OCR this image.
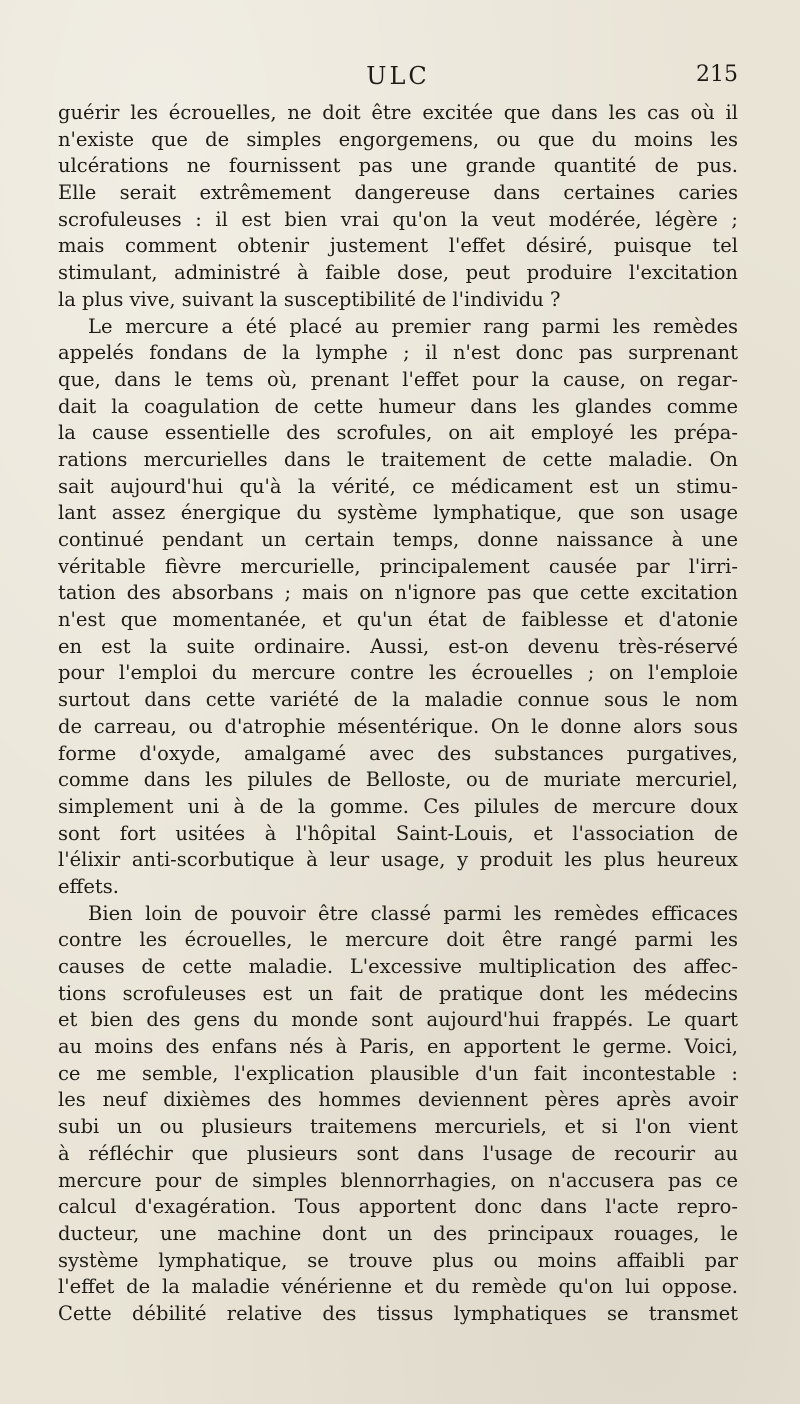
ULC	215
guérir les écrouelles, ne doit être excitée que dans les cas où il
n'existe que de simples engorgemens, ou que du moins les
ulcérations ne fournissent pas une grande quantité de pus.
Elle serait extrêmement dangereuse dans certaines caries
scrofuleuses : il est bien vrai qu'on la veut modérée, légère ;
mais comment obtenir justement l'effet désiré, puisque tel
stimulant, administré à faible dose, peut produire l'excitation
la plus vive, suivant la susceptibilité de l'individu ?
Le mercure a été placé au premier rang parmi les remèdes
appelés fondans de la lymphe ; il n'est donc pas surprenant
que, dans le tems où, prenant l'effet pour la cause, on regar-
dait la coagulation de cette humeur dans les glandes comme
la cause essentielle des scrofules, on ait employé les prépa-
rations mercurielles dans le traitement de cette maladie. On
sait aujourd'hui qu'à la vérité, ce médicament est un stimu-
lant assez énergique du système lymphatique, que son usage
continué pendant un certain temps, donne naissance à une
véritable fièvre mercurielle, principalement causée par l'irri-
tation des absorbans ; mais on n'ignore pas que cette excitation
n'est que momentanée, et qu'un état de faiblesse et d'atonie
en est la suite ordinaire. Aussi, est-on devenu très-réservé
pour l'emploi du mercure contre les écrouelles ; on l'emploie
surtout dans cette variété de la maladie connue sous le nom
de carreau, ou d'atrophie mésentérique. On le donne alors sous
forme d'oxyde, amalgamé avec des substances purgatives,
comme dans les pilules de Belloste, ou de muriate mercuriel,
simplement uni à de la gomme. Ces pilules de mercure doux
sont fort usitées à l'hôpital Saint-Louis, et l'association de
l'élixir anti-scorbutique à leur usage, y produit les plus heureux
effets.
Bien loin de pouvoir être classé parmi les remèdes efficaces
contre les écrouelles, le mercure doit être rangé parmi les
causes de cette maladie. L'excessive multiplication des affec-
tions scrofuleuses est un fait de pratique dont les médecins
et bien des gens du monde sont aujourd'hui frappés. Le quart
au moins des enfans nés à Paris, en apportent le germe. Voici,
ce me semble, l'explication plausible d'un fait incontestable :
les neuf dixièmes des hommes deviennent pères après avoir
subi un ou plusieurs traitemens mercuriels, et si l'on vient
à réfléchir que plusieurs sont dans l'usage de recourir au
mercure pour de simples blennorrhagies, on n'accusera pas ce
calcul d'exagération. Tous apportent donc dans l'acte repro-
ducteur, une machine dont un des principaux rouages, le
système lymphatique, se trouve plus ou moins affaibli par
l'effet de la maladie vénérienne et du remède qu'on lui oppose.
Cette débilité relative des tissus lymphatiques se transmet
